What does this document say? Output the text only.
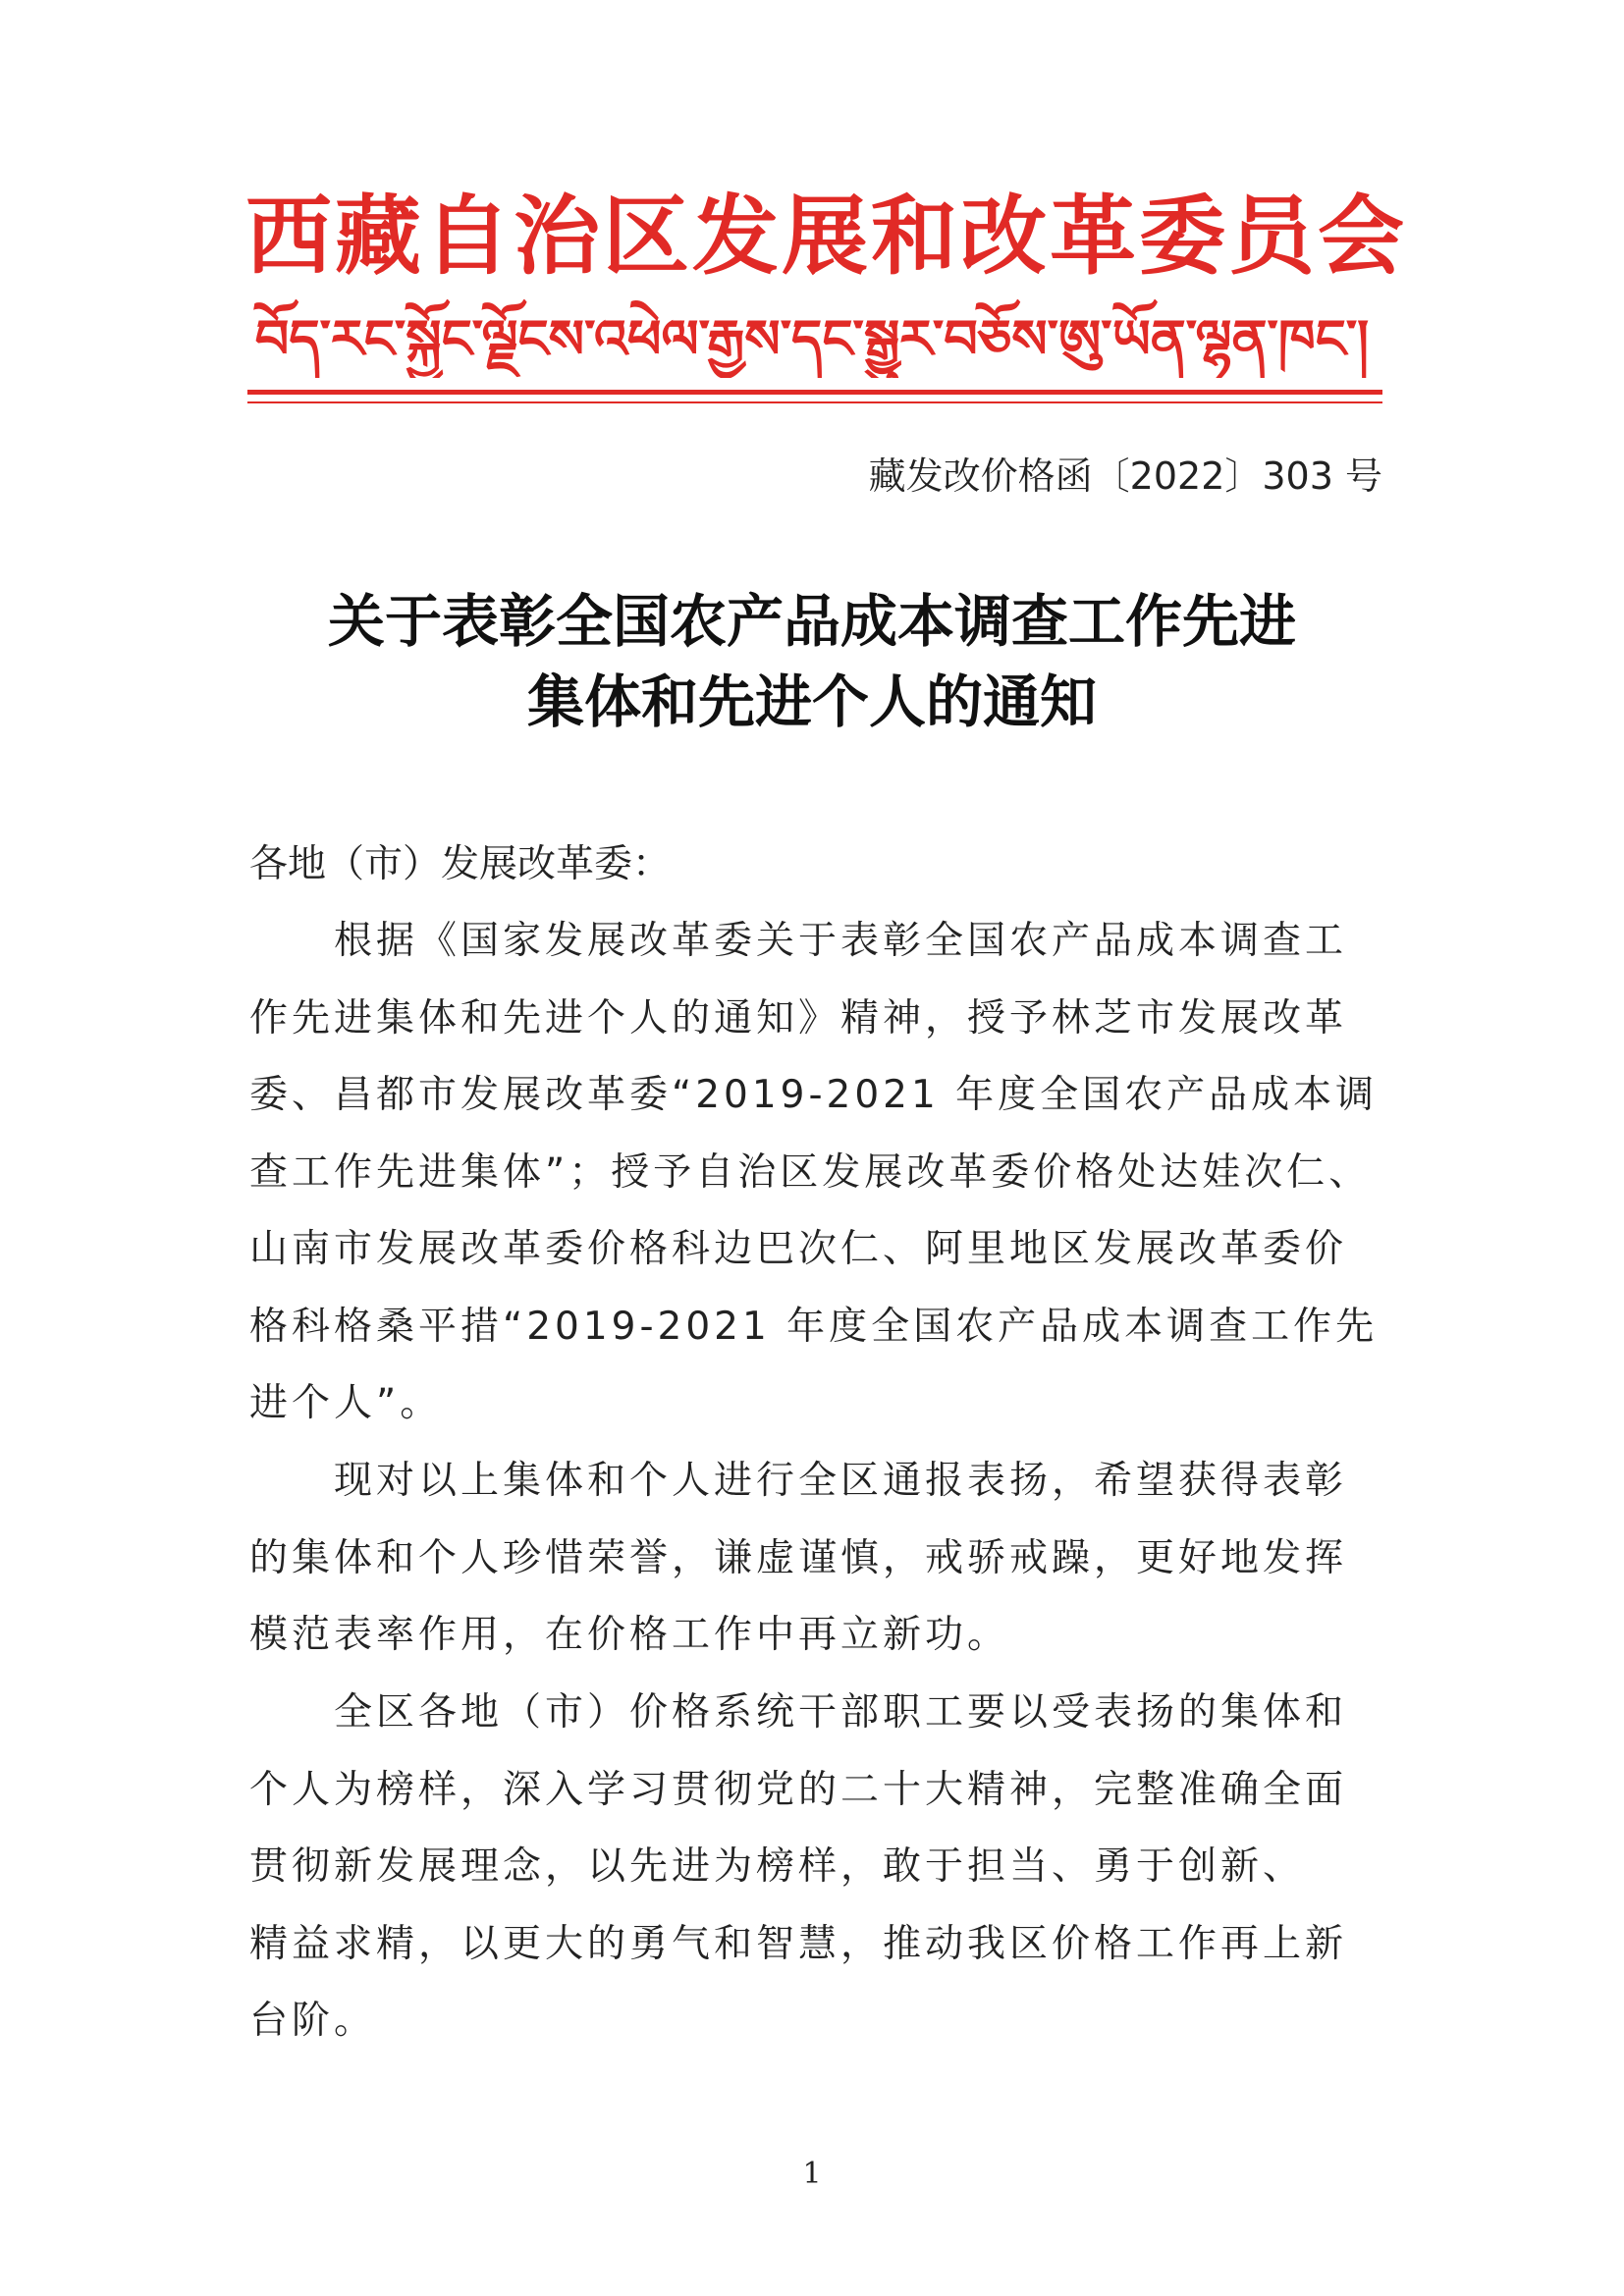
西藏自治区发展和改革委员会
བོད་རང་སྐྱོང་ལྗོངས་འཕེལ་རྒྱས་དང་སྒྱུར་བཅོས་ཨུ་ཡོན་ལྷན་ཁང་།
藏发改价格函〔2022〕303 号
关于表彰全国农产品成本调查工作先进
集体和先进个人的通知
各地（市）发展改革委：
根据《国家发展改革委关于表彰全国农产品成本调查工
作先进集体和先进个人的通知》精神，授予林芝市发展改革
委、昌都市发展改革委“2019-2021 年度全国农产品成本调
查工作先进集体”；授予自治区发展改革委价格处达娃次仁、
山南市发展改革委价格科边巴次仁、阿里地区发展改革委价
格科格桑平措“2019-2021 年度全国农产品成本调查工作先
进个人”。
现对以上集体和个人进行全区通报表扬，希望获得表彰
的集体和个人珍惜荣誉，谦虚谨慎，戒骄戒躁，更好地发挥
模范表率作用，在价格工作中再立新功。
全区各地（市）价格系统干部职工要以受表扬的集体和
个人为榜样，深入学习贯彻党的二十大精神，完整准确全面
贯彻新发展理念，以先进为榜样，敢于担当、勇于创新、
精益求精，以更大的勇气和智慧，推动我区价格工作再上新
台阶。
1
